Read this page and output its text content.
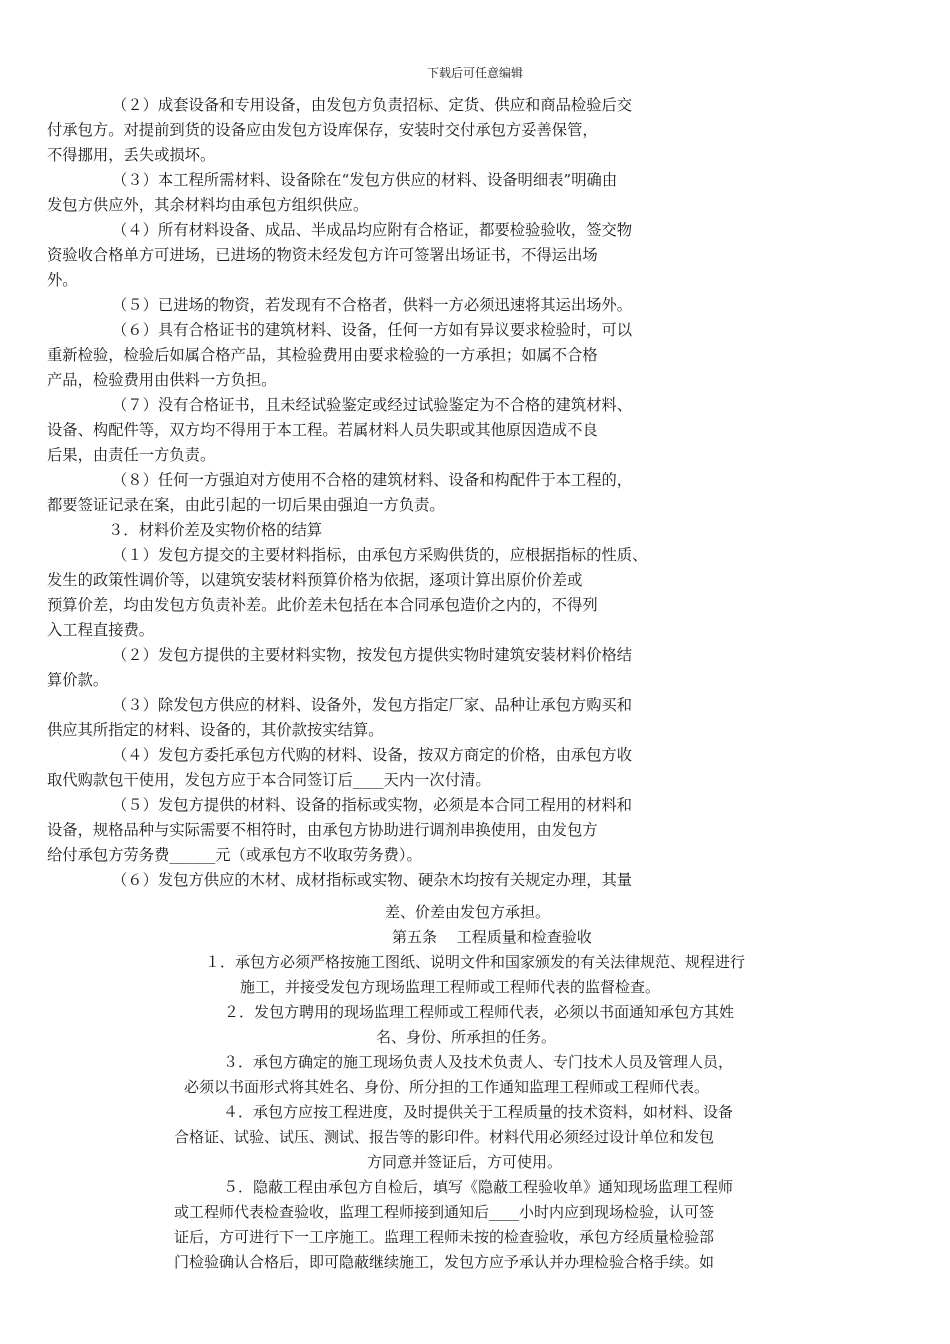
下载后可任意编辑
（２）成套设备和专用设备，由发包方负责招标、定货、供应和商品检验后交
付承包方。对提前到货的设备应由发包方设库保存，安装时交付承包方妥善保管，
不得挪用，丢失或损坏。
（３）本工程所需材料、设备除在“发包方供应的材料、设备明细表”明确由
发包方供应外，其余材料均由承包方组织供应。
（４）所有材料设备、成品、半成品均应附有合格证，都要检验验收，签交物
资验收合格单方可进场，已进场的物资未经发包方许可签署出场证书，不得运出场
外。
（５）已进场的物资，若发现有不合格者，供料一方必须迅速将其运出场外。
（６）具有合格证书的建筑材料、设备，任何一方如有异议要求检验时，可以
重新检验，检验后如属合格产品，其检验费用由要求检验的一方承担；如属不合格
产品，检验费用由供料一方负担。
（７）没有合格证书，且未经试验鉴定或经过试验鉴定为不合格的建筑材料、
设备、构配件等，双方均不得用于本工程。若属材料人员失职或其他原因造成不良
后果，由责任一方负责。
（８）任何一方强迫对方使用不合格的建筑材料、设备和构配件于本工程的，
都要签证记录在案，由此引起的一切后果由强迫一方负责。
３．材料价差及实物价格的结算
（１）发包方提交的主要材料指标，由承包方采购供货的，应根据指标的性质、
发生的政策性调价等，以建筑安装材料预算价格为依据，逐项计算出原价价差或
预算价差，均由发包方负责补差。此价差未包括在本合同承包造价之内的，不得列
入工程直接费。
（２）发包方提供的主要材料实物，按发包方提供实物时建筑安装材料价格结
算价款。
（３）除发包方供应的材料、设备外，发包方指定厂家、品种让承包方购买和
供应其所指定的材料、设备的，其价款按实结算。
（４）发包方委托承包方代购的材料、设备，按双方商定的价格，由承包方收
取代购款包干使用，发包方应于本合同签订后____天内一次付清。
（５）发包方提供的材料、设备的指标或实物，必须是本合同工程用的材料和
设备，规格品种与实际需要不相符时，由承包方协助进行调剂串换使用，由发包方
给付承包方劳务费______元（或承包方不收取劳务费）。
（６）发包方供应的木材、成材指标或实物、硬杂木均按有关规定办理，其量
差、价差由发包方承担。
第五条　 工程质量和检查验收
１．承包方必须严格按施工图纸、说明文件和国家颁发的有关法律规范、规程进行
施工，并接受发包方现场监理工程师或工程师代表的监督检查。
２．发包方聘用的现场监理工程师或工程师代表，必须以书面通知承包方其姓
名、身份、所承担的任务。
３．承包方确定的施工现场负责人及技术负责人、专门技术人员及管理人员，
必须以书面形式将其姓名、身份、所分担的工作通知监理工程师或工程师代表。
４．承包方应按工程进度，及时提供关于工程质量的技术资料，如材料、设备
合格证、试验、试压、测试、报告等的影印件。材料代用必须经过设计单位和发包
方同意并签证后，方可使用。
５．隐蔽工程由承包方自检后，填写《隐蔽工程验收单》通知现场监理工程师
或工程师代表检查验收，监理工程师接到通知后____小时内应到现场检验，认可签
证后，方可进行下一工序施工。监理工程师未按的检查验收，承包方经质量检验部
门检验确认合格后，即可隐蔽继续施工，发包方应予承认并办理检验合格手续。如
